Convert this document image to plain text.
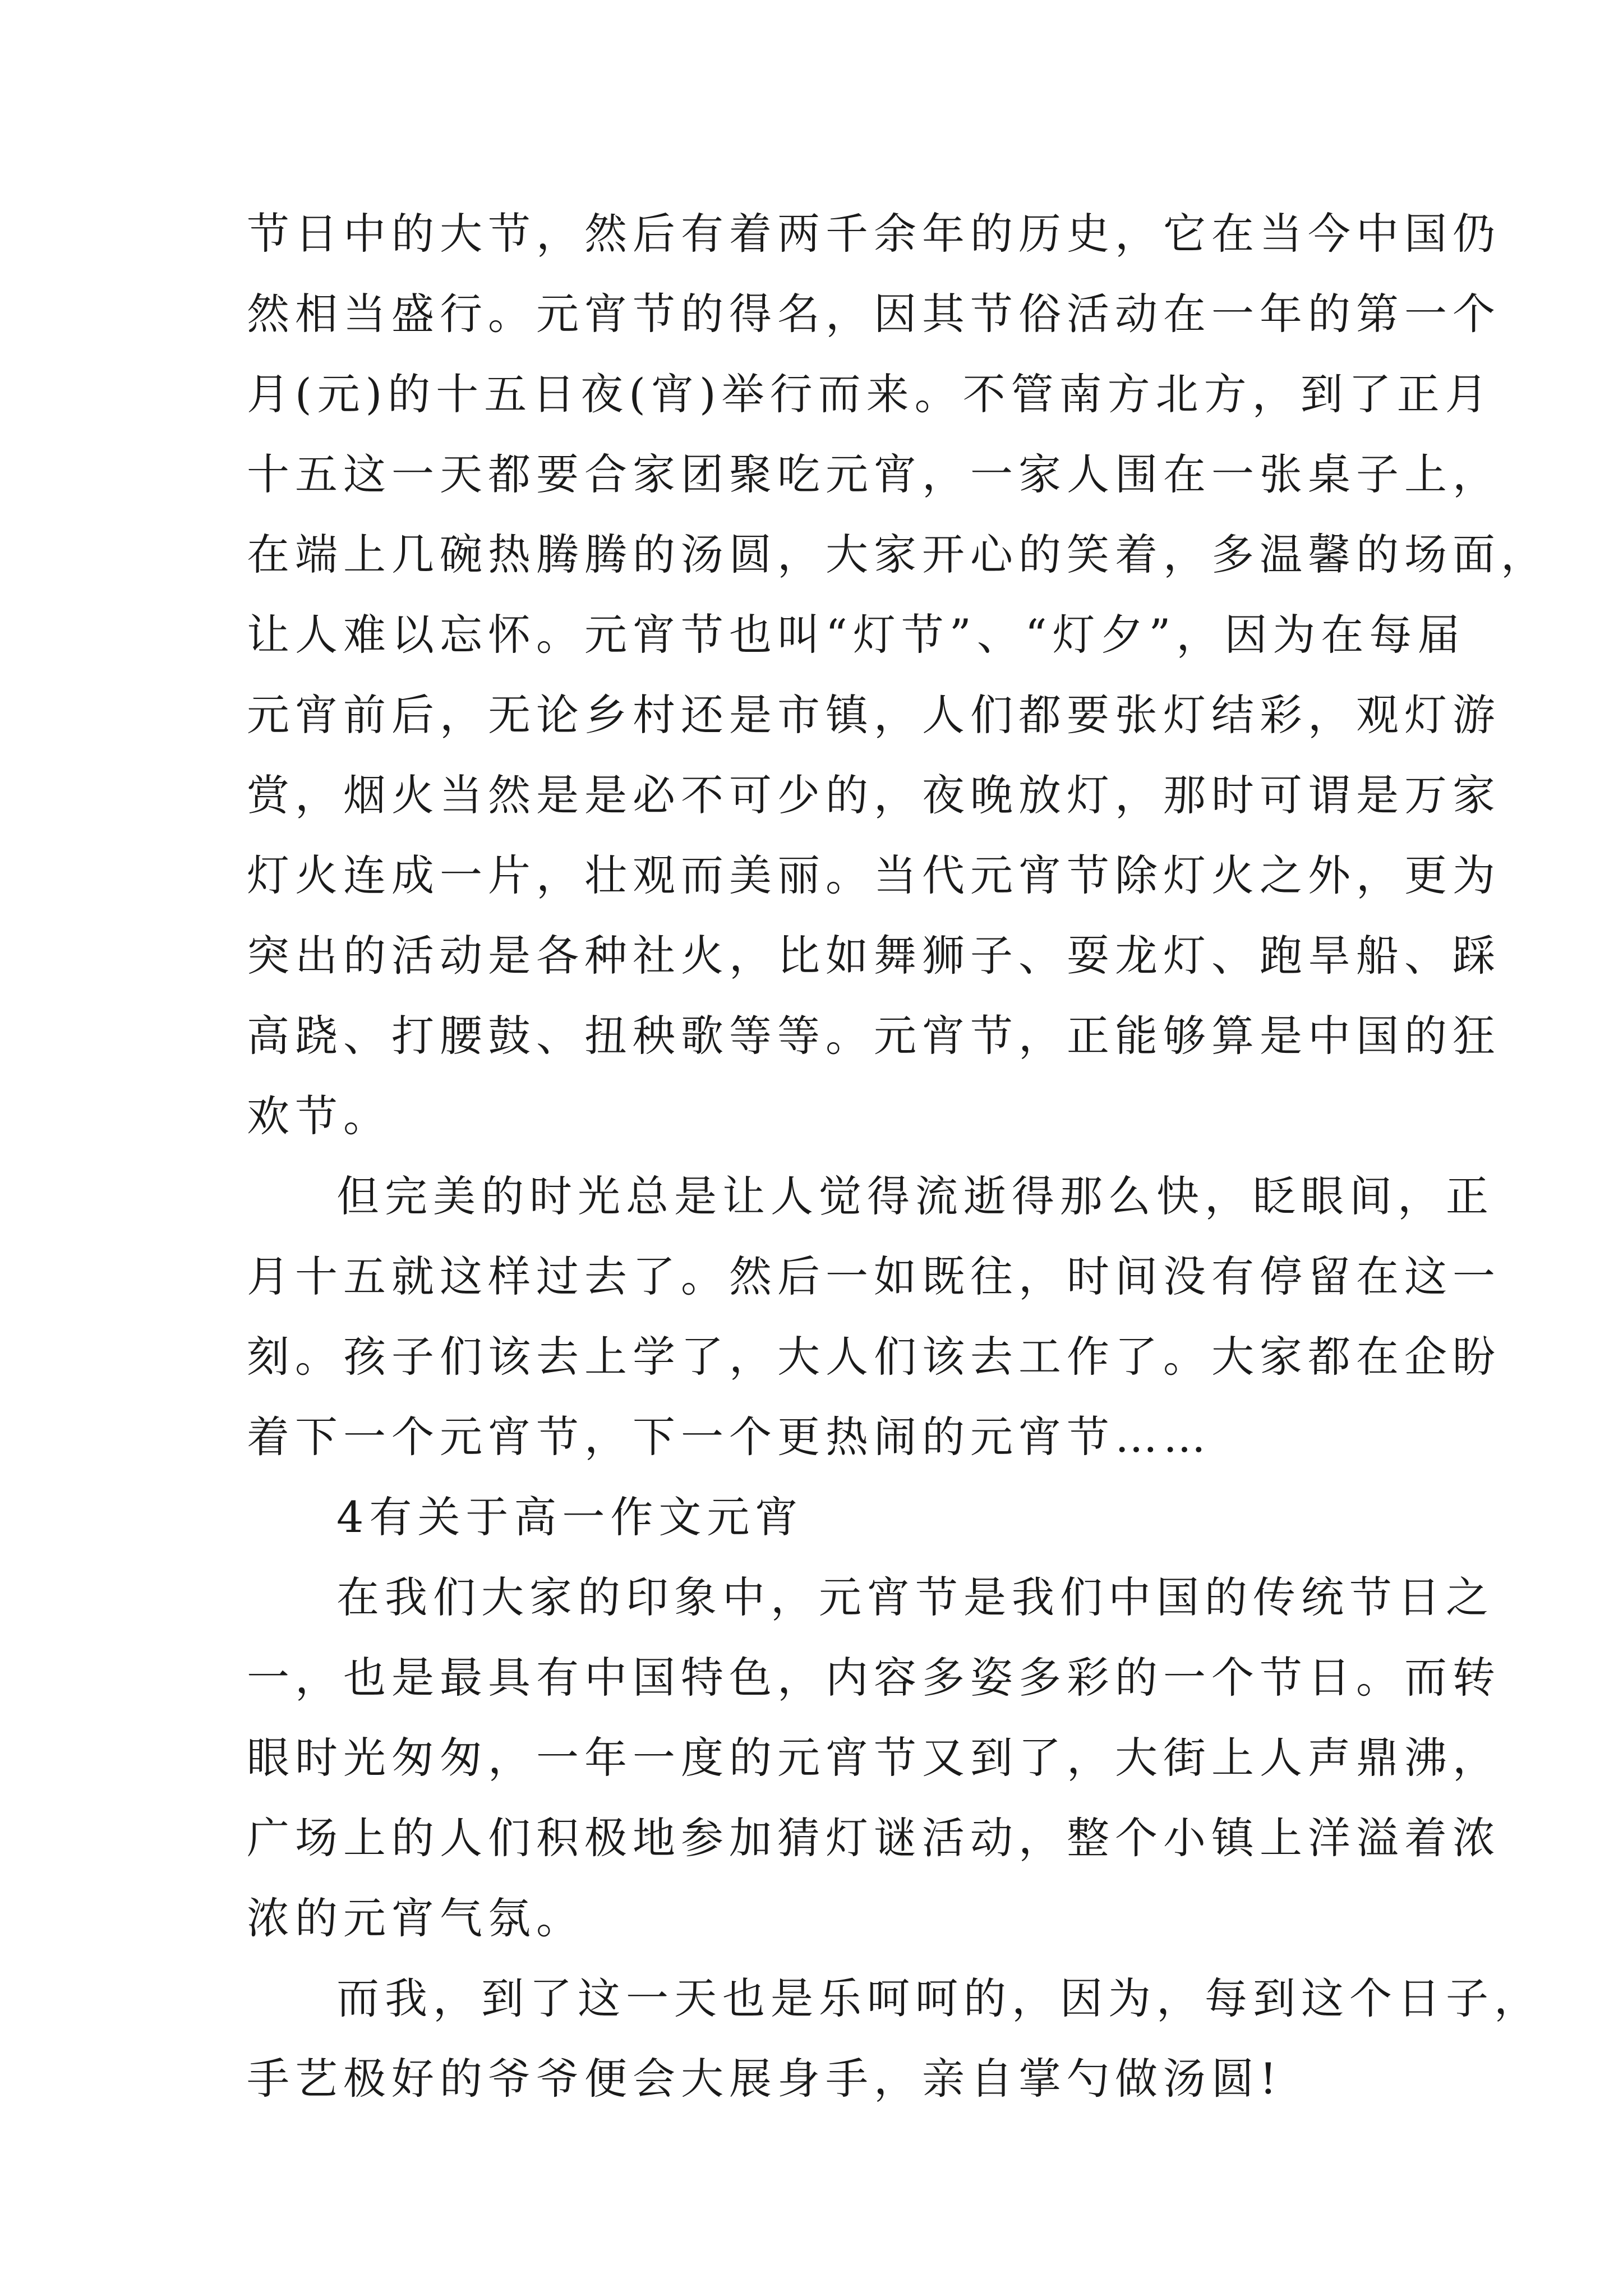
节日中的大节，然后有着两千余年的历史，它在当今中国仍
然相当盛行。元宵节的得名，因其节俗活动在一年的第一个
月(元)的十五日夜(宵)举行而来。不管南方北方，到了正月
十五这一天都要合家团聚吃元宵，一家人围在一张桌子上，
在端上几碗热腾腾的汤圆，大家开心的笑着，多温馨的场面，
让人难以忘怀。元宵节也叫“灯节”、“灯夕”，因为在每届
元宵前后，无论乡村还是市镇，人们都要张灯结彩，观灯游
赏，烟火当然是是必不可少的，夜晚放灯，那时可谓是万家
灯火连成一片，壮观而美丽。当代元宵节除灯火之外，更为
突出的活动是各种社火，比如舞狮子、耍龙灯、跑旱船、踩
高跷、打腰鼓、扭秧歌等等。元宵节，正能够算是中国的狂
欢节。
但完美的时光总是让人觉得流逝得那么快，眨眼间，正
月十五就这样过去了。然后一如既往，时间没有停留在这一
刻。孩子们该去上学了，大人们该去工作了。大家都在企盼
着下一个元宵节，下一个更热闹的元宵节……
4有关于高一作文元宵
在我们大家的印象中，元宵节是我们中国的传统节日之
一，也是最具有中国特色，内容多姿多彩的一个节日。而转
眼时光匆匆，一年一度的元宵节又到了，大街上人声鼎沸，
广场上的人们积极地参加猜灯谜活动，整个小镇上洋溢着浓
浓的元宵气氛。
而我，到了这一天也是乐呵呵的，因为，每到这个日子，
手艺极好的爷爷便会大展身手，亲自掌勺做汤圆!
